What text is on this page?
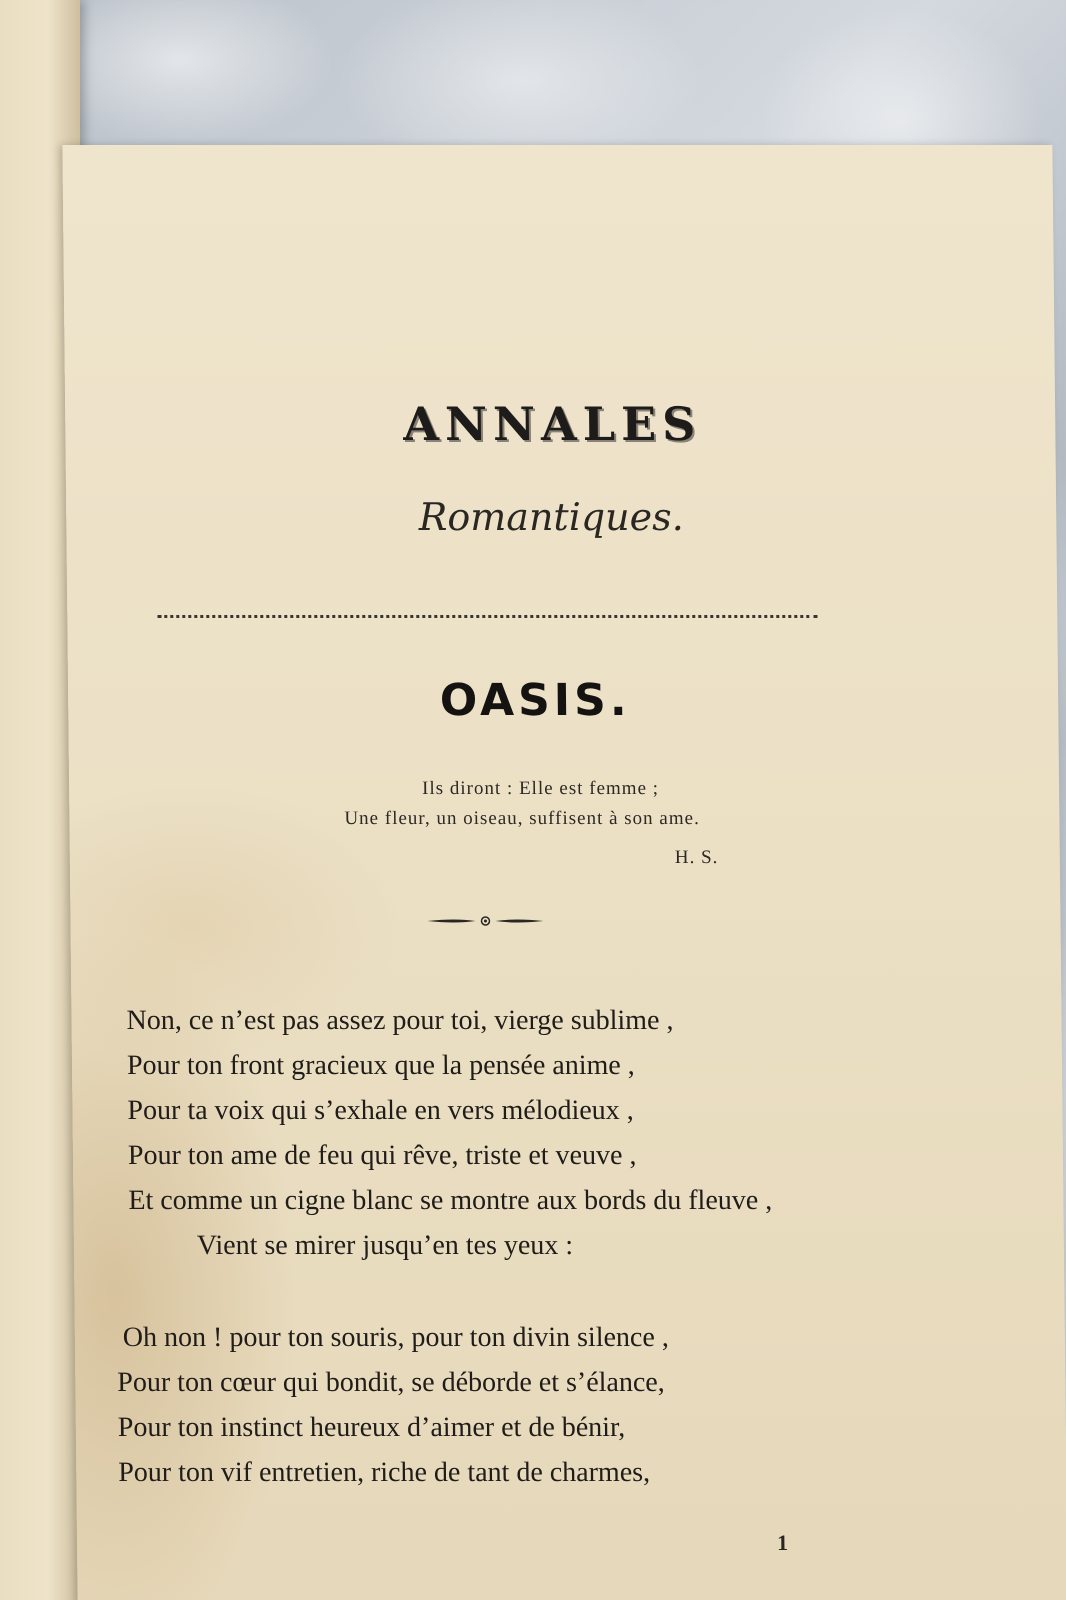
ANNALES
Romantiques.
OASIS.
Ils diront : Elle est femme ;
Une fleur, un oiseau, suffisent à son ame.
H. S.
Non, ce n’est pas assez pour toi, vierge sublime ,
Pour ton front gracieux que la pensée anime ,
Pour ta voix qui s’exhale en vers mélodieux ,
Pour ton ame de feu qui rêve, triste et veuve ,
Et comme un cigne blanc se montre aux bords du fleuve ,
Vient se mirer jusqu’en tes yeux :
Oh non ! pour ton souris, pour ton divin silence ,
Pour ton cœur qui bondit, se déborde et s’élance,
Pour ton instinct heureux d’aimer et de bénir,
Pour ton vif entretien, riche de tant de charmes,
1
